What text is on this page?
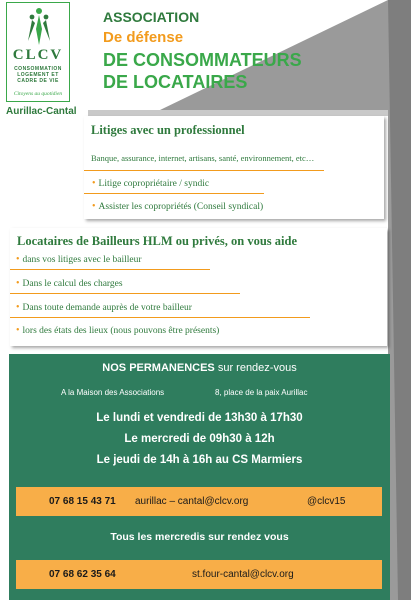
CLCV
CONSOMMATION
LOGEMENT ET
CADRE DE VIE
Citoyens au quotidien
Aurillac-Cantal
ASSOCIATION
De défense
DE CONSOMMATEURS
DE LOCATAIRES
Litiges avec un professionnel
Banque, assurance, internet, artisans, santé, environnement, etc…
• Litige copropriétaire / syndic
• Assister les copropriétés (Conseil syndical)
Locataires de Bailleurs HLM ou privés, on vous aide
• dans vos litiges avec le bailleur
• Dans le calcul des charges
• Dans toute demande auprès de votre bailleur
• lors des états des lieux (nous pouvons être présents)
NOS PERMANENCES sur rendez-vous
A la Maison des Associations	8, place de la paix Aurillac
Le lundi et vendredi de 13h30 à 17h30
Le mercredi de 09h30 à 12h
Le jeudi de 14h à 16h au CS Marmiers
07 68 15 43 71 aurillac – cantal@clcv.org	@clcv15
Tous les mercredis sur rendez vous
07 68 62 35 64	st.four-cantal@clcv.org
